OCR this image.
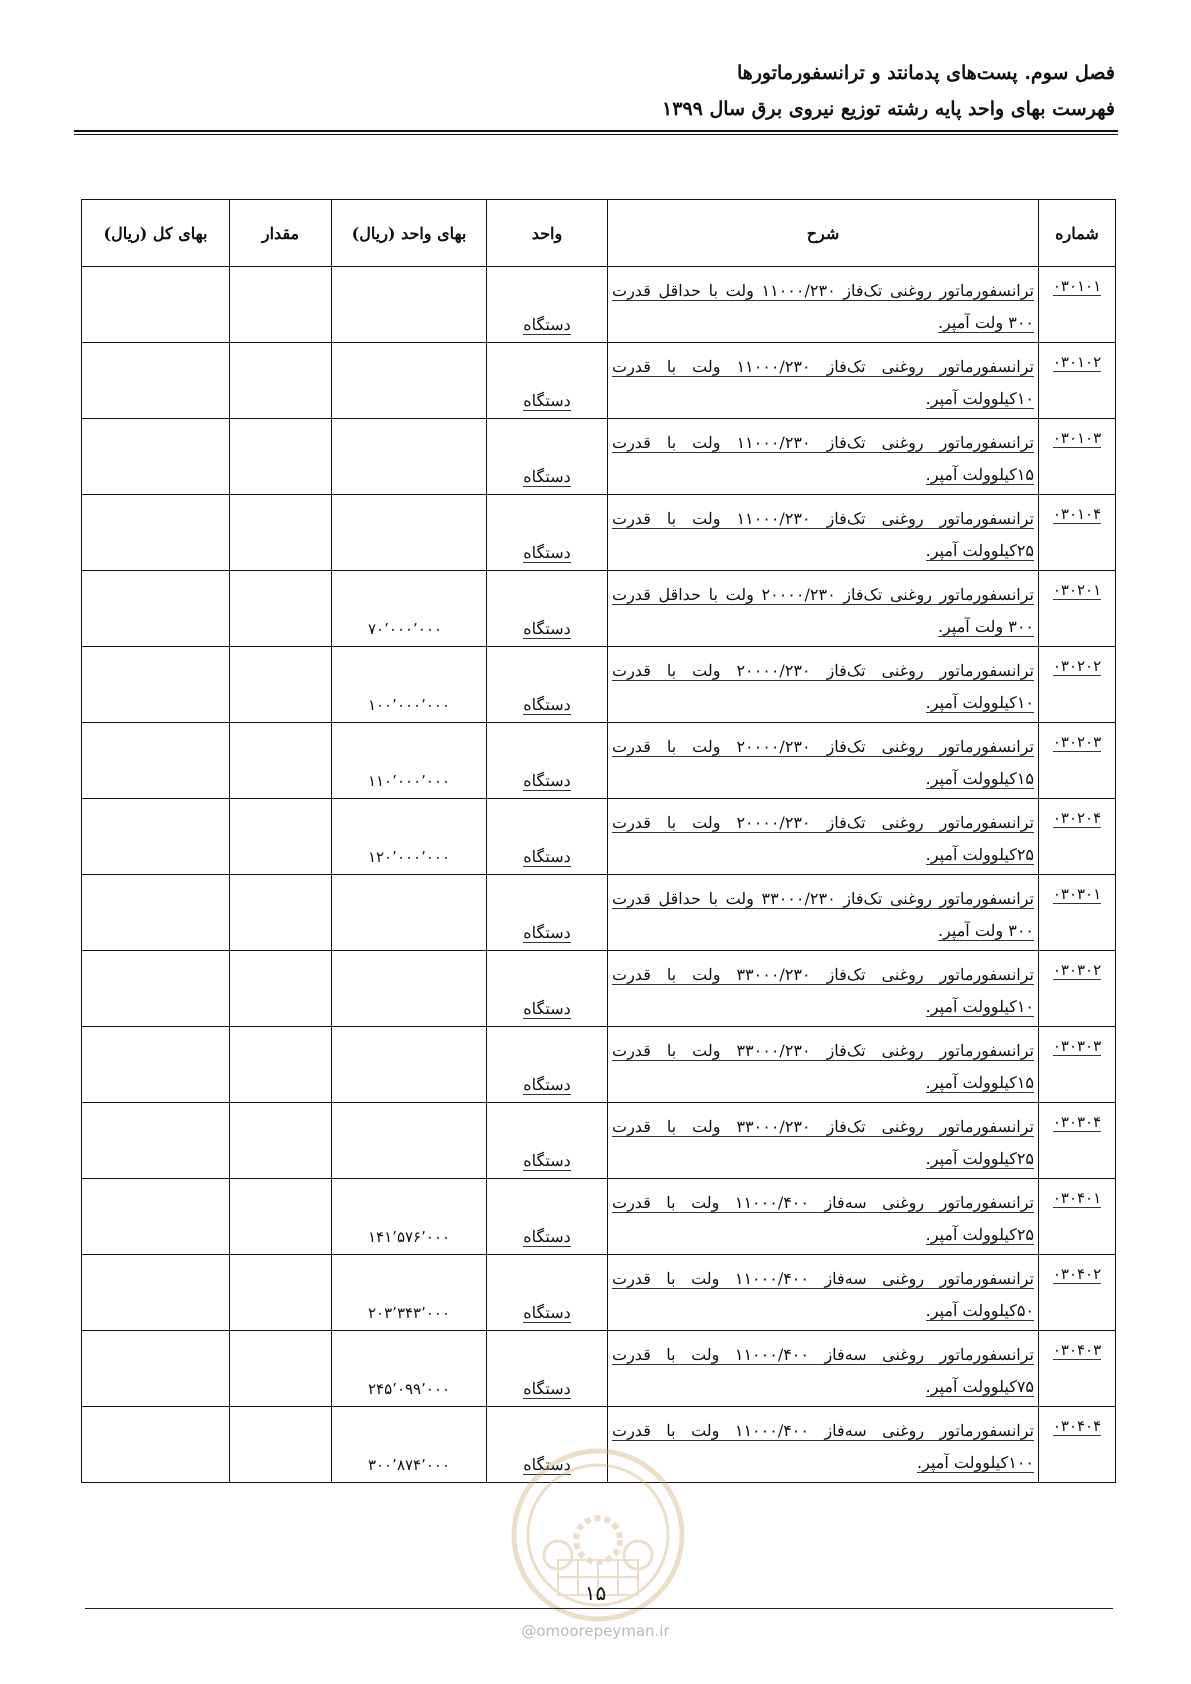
فصل سوم. پست‌های پدمانتد و ترانسفورماتورها
فهرست بهای واحد پایه رشته توزیع نیروی برق سال ۱۳۹۹
شماره	شرح	واحد	بهای واحد (ریال)	مقدار	بهای کل (ریال)
۰۳۰۱۰۱	ترانسفورماتور روغنی تک‌فاز ۱۱۰۰۰/۲۳۰ ولت با حداقل قدرت ۳۰۰ ولت آمپر.	دستگاه			
۰۳۰۱۰۲	ترانسفورماتور روغنی تک‌فاز ۱۱۰۰۰/۲۳۰ ولت با قدرت ۱۰کیلوولت آمپر.	دستگاه			
۰۳۰۱۰۳	ترانسفورماتور روغنی تک‌فاز ۱۱۰۰۰/۲۳۰ ولت با قدرت ۱۵کیلوولت آمپر.	دستگاه			
۰۳۰۱۰۴	ترانسفورماتور روغنی تک‌فاز ۱۱۰۰۰/۲۳۰ ولت با قدرت ۲۵کیلوولت آمپر.	دستگاه			
۰۳۰۲۰۱	ترانسفورماتور روغنی تک‌فاز ۲۰۰۰۰/۲۳۰ ولت با حداقل قدرت ۳۰۰ ولت آمپر.	دستگاه	۷۰٬۰۰۰٬۰۰۰		
۰۳۰۲۰۲	ترانسفورماتور روغنی تک‌فاز ۲۰۰۰۰/۲۳۰ ولت با قدرت ۱۰کیلوولت آمپر.	دستگاه	۱۰۰٬۰۰۰٬۰۰۰		
۰۳۰۲۰۳	ترانسفورماتور روغنی تک‌فاز ۲۰۰۰۰/۲۳۰ ولت با قدرت ۱۵کیلوولت آمپر.	دستگاه	۱۱۰٬۰۰۰٬۰۰۰		
۰۳۰۲۰۴	ترانسفورماتور روغنی تک‌فاز ۲۰۰۰۰/۲۳۰ ولت با قدرت ۲۵کیلوولت آمپر.	دستگاه	۱۲۰٬۰۰۰٬۰۰۰		
۰۳۰۳۰۱	ترانسفورماتور روغنی تک‌فاز ۳۳۰۰۰/۲۳۰ ولت با حداقل قدرت ۳۰۰ ولت آمپر.	دستگاه			
۰۳۰۳۰۲	ترانسفورماتور روغنی تک‌فاز ۳۳۰۰۰/۲۳۰ ولت با قدرت ۱۰کیلوولت آمپر.	دستگاه			
۰۳۰۳۰۳	ترانسفورماتور روغنی تک‌فاز ۳۳۰۰۰/۲۳۰ ولت با قدرت ۱۵کیلوولت آمپر.	دستگاه			
۰۳۰۳۰۴	ترانسفورماتور روغنی تک‌فاز ۳۳۰۰۰/۲۳۰ ولت با قدرت ۲۵کیلوولت آمپر.	دستگاه			
۰۳۰۴۰۱	ترانسفورماتور روغنی سه‌فاز ۱۱۰۰۰/۴۰۰ ولت با قدرت ۲۵کیلوولت آمپر.	دستگاه	۱۴۱٬۵۷۶٬۰۰۰		
۰۳۰۴۰۲	ترانسفورماتور روغنی سه‌فاز ۱۱۰۰۰/۴۰۰ ولت با قدرت ۵۰کیلوولت آمپر.	دستگاه	۲۰۳٬۳۴۳٬۰۰۰		
۰۳۰۴۰۳	ترانسفورماتور روغنی سه‌فاز ۱۱۰۰۰/۴۰۰ ولت با قدرت ۷۵کیلوولت آمپر.	دستگاه	۲۴۵٬۰۹۹٬۰۰۰		
۰۳۰۴۰۴	ترانسفورماتور روغنی سه‌فاز ۱۱۰۰۰/۴۰۰ ولت با قدرت ۱۰۰کیلوولت آمپر.	دستگاه	۳۰۰٬۸۷۴٬۰۰۰		
۱۵
@omoorepeyman.ir
